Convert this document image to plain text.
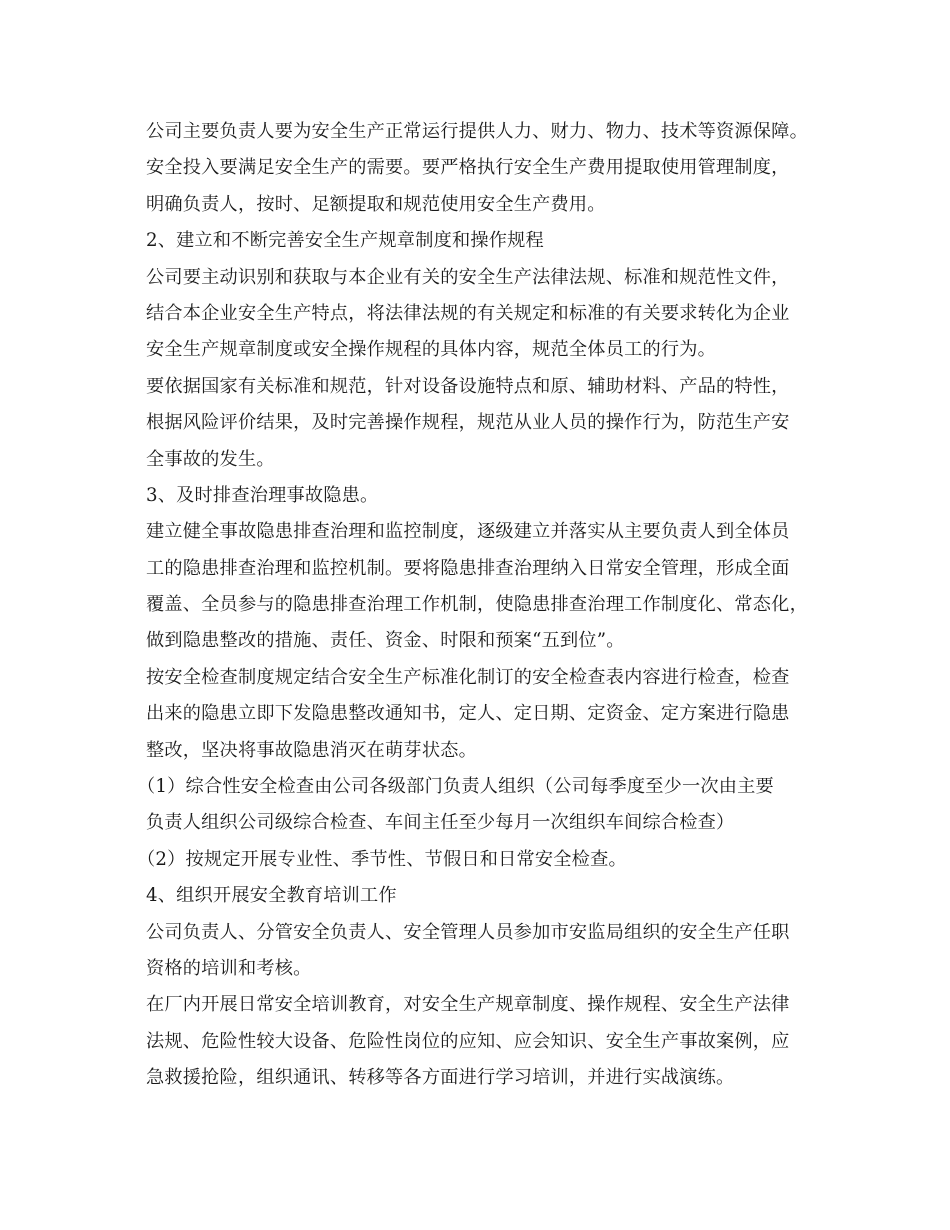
公司主要负责人要为安全生产正常运行提供人力、财力、物力、技术等资源保障。
安全投入要满足安全生产的需要。要严格执行安全生产费用提取使用管理制度，
明确负责人，按时、足额提取和规范使用安全生产费用。
2、建立和不断完善安全生产规章制度和操作规程
公司要主动识别和获取与本企业有关的安全生产法律法规、标准和规范性文件，
结合本企业安全生产特点，将法律法规的有关规定和标准的有关要求转化为企业
安全生产规章制度或安全操作规程的具体内容，规范全体员工的行为。
要依据国家有关标准和规范，针对设备设施特点和原、辅助材料、产品的特性，
根据风险评价结果，及时完善操作规程，规范从业人员的操作行为，防范生产安
全事故的发生。
3、及时排查治理事故隐患。
建立健全事故隐患排查治理和监控制度，逐级建立并落实从主要负责人到全体员
工的隐患排查治理和监控机制。要将隐患排查治理纳入日常安全管理，形成全面
覆盖、全员参与的隐患排查治理工作机制，使隐患排查治理工作制度化、常态化，
做到隐患整改的措施、责任、资金、时限和预案“五到位”。
按安全检查制度规定结合安全生产标准化制订的安全检查表内容进行检查，检查
出来的隐患立即下发隐患整改通知书，定人、定日期、定资金、定方案进行隐患
整改，坚决将事故隐患消灭在萌芽状态。
（1）综合性安全检查由公司各级部门负责人组织（公司每季度至少一次由主要
负责人组织公司级综合检查、车间主任至少每月一次组织车间综合检查）
（2）按规定开展专业性、季节性、节假日和日常安全检查。
4、组织开展安全教育培训工作
公司负责人、分管安全负责人、安全管理人员参加市安监局组织的安全生产任职
资格的培训和考核。
在厂内开展日常安全培训教育，对安全生产规章制度、操作规程、安全生产法律
法规、危险性较大设备、危险性岗位的应知、应会知识、安全生产事故案例，应
急救援抢险，组织通讯、转移等各方面进行学习培训，并进行实战演练。
